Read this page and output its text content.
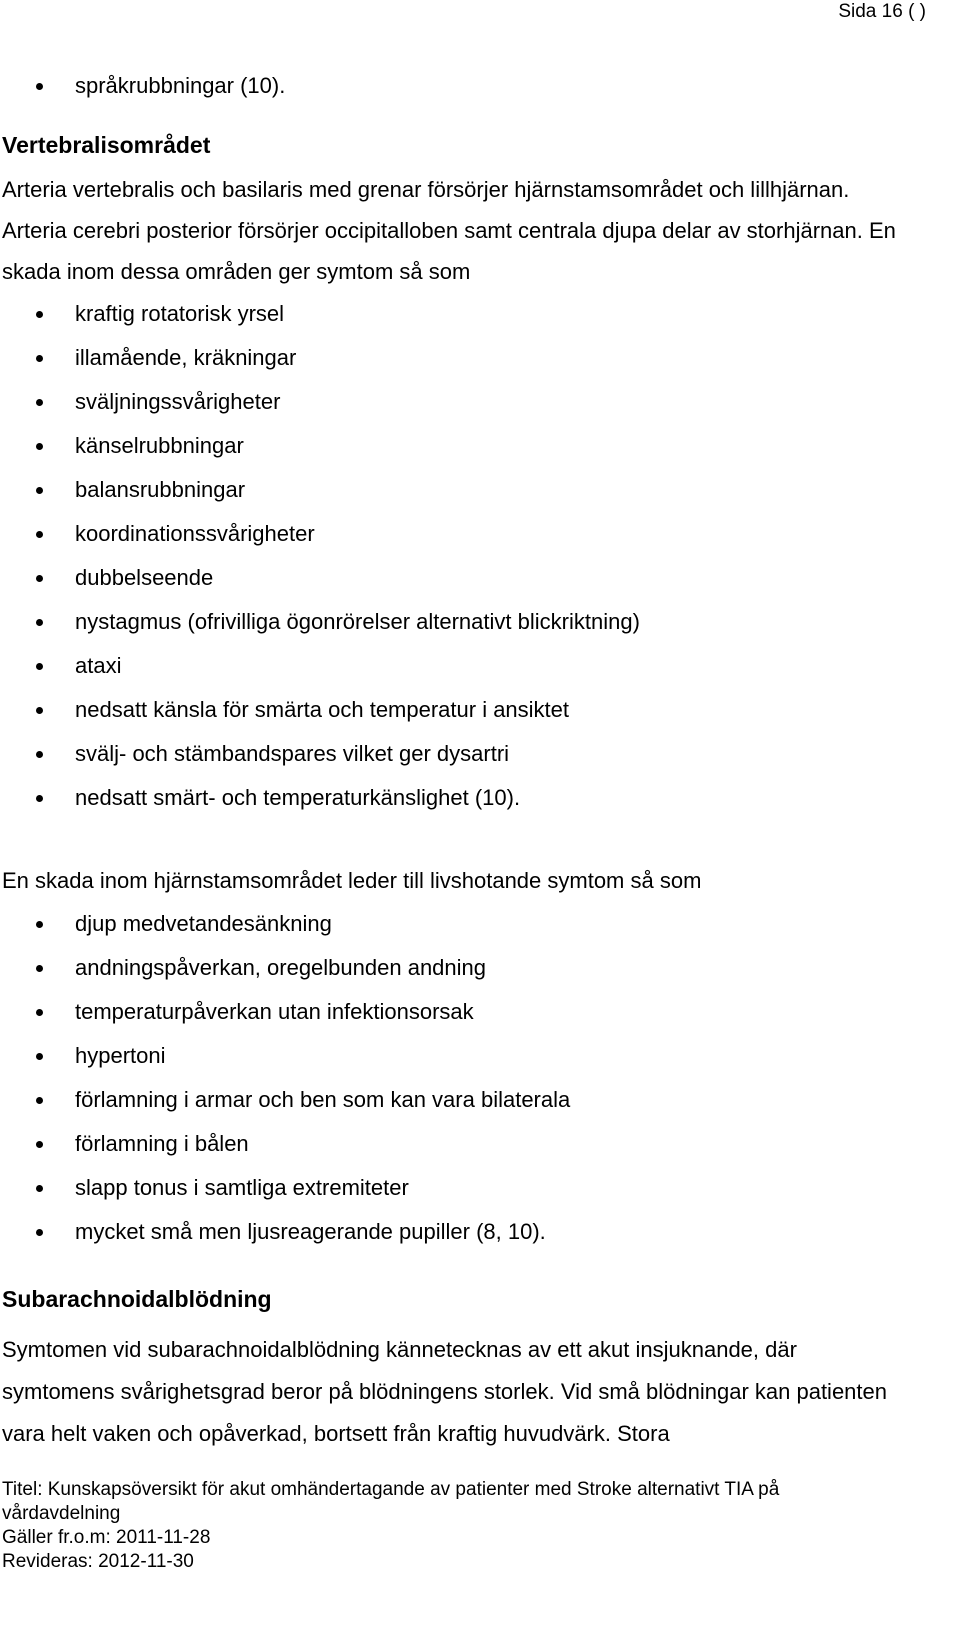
Sida 16 ( )
språkrubbningar (10).
Vertebralisområdet

Arteria vertebralis och basilaris med grenar försörjer hjärnstamsområdet och lillhjärnan. Arteria cerebri posterior försörjer occipitalloben samt centrala djupa delar av storhjärnan. En skada inom dessa områden ger symtom så som

kraftig rotatorisk yrsel
illamående, kräkningar
sväljningssvårigheter
känselrubbningar
balansrubbningar
koordinationssvårigheter
dubbelseende
nystagmus (ofrivilliga ögonrörelser alternativt blickriktning)
ataxi
nedsatt känsla för smärta och temperatur i ansiktet
svälj- och stämbandspares vilket ger dysartri
nedsatt smärt- och temperaturkänslighet (10).

En skada inom hjärnstamsområdet leder till livshotande symtom så som

djup medvetandesänkning
andningspåverkan, oregelbunden andning
temperaturpåverkan utan infektionsorsak
hypertoni
förlamning i armar och ben som kan vara bilaterala
förlamning i bålen
slapp tonus i samtliga extremiteter
mycket små men ljusreagerande pupiller (8, 10).
Subarachnoidalblödning

Symtomen vid subarachnoidalblödning kännetecknas av ett akut insjuknande, där symtomens svårighetsgrad beror på blödningens storlek. Vid små blödningar kan patienten vara helt vaken och opåverkad, bortsett från kraftig huvudvärk. Stora

Titel: Kunskapsöversikt för akut omhändertagande av patienter med Stroke alternativt TIA på
vårdavdelning
Gäller fr.o.m: 2011-11-28
Revideras: 2012-11-30
